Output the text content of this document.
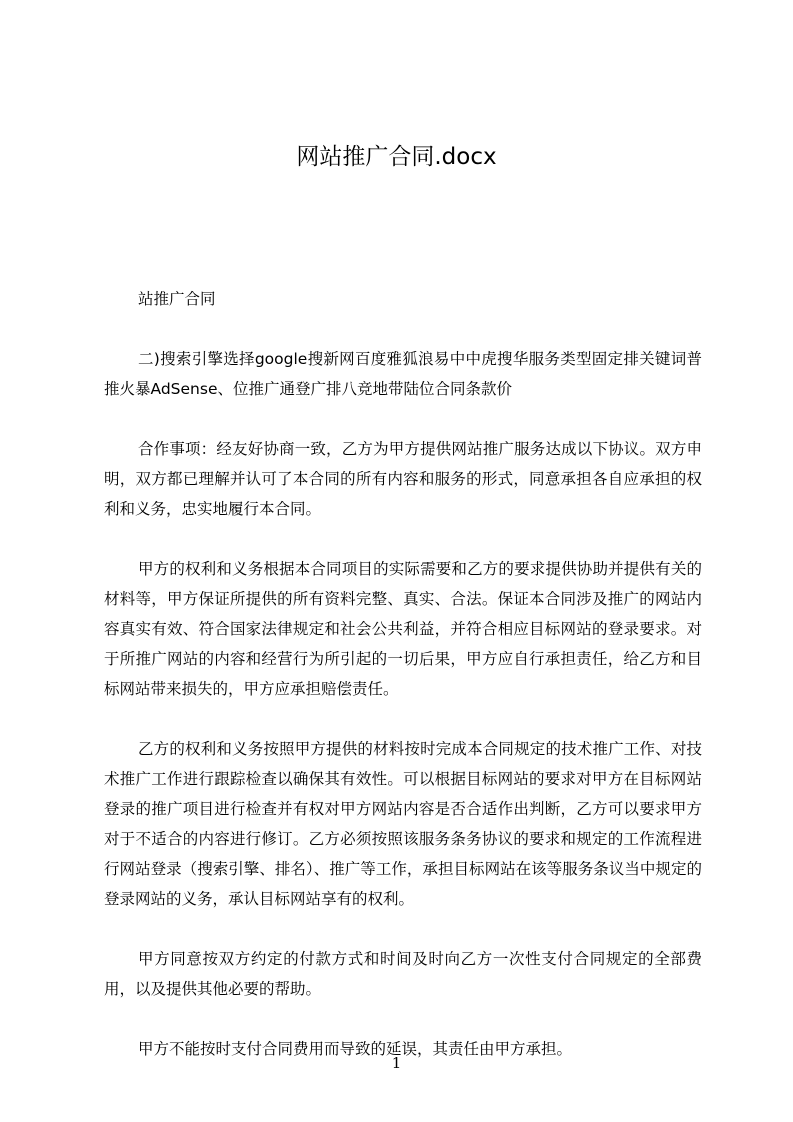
网站推广合同.docx

站推广合同

二)搜索引擎选择google搜新网百度雅狐浪易中中虎搜华服务类型固定排关键词普推火暴AdSense、位推广通登广排八竞地带陆位合同条款价

合作事项：经友好协商一致，乙方为甲方提供网站推广服务达成以下协议。双方申明，双方都已理解并认可了本合同的所有内容和服务的形式，同意承担各自应承担的权利和义务，忠实地履行本合同。

甲方的权利和义务根据本合同项目的实际需要和乙方的要求提供协助并提供有关的材料等，甲方保证所提供的所有资料完整、真实、合法。保证本合同涉及推广的网站内容真实有效、符合国家法律规定和社会公共利益，并符合相应目标网站的登录要求。对于所推广网站的内容和经营行为所引起的一切后果，甲方应自行承担责任，给乙方和目标网站带来损失的，甲方应承担赔偿责任。

乙方的权利和义务按照甲方提供的材料按时完成本合同规定的技术推广工作、对技术推广工作进行跟踪检查以确保其有效性。可以根据目标网站的要求对甲方在目标网站登录的推广项目进行检查并有权对甲方网站内容是否合适作出判断，乙方可以要求甲方对于不适合的内容进行修订。乙方必须按照该服务条务协议的要求和规定的工作流程进行网站登录（搜索引擎、排名）、推广等工作，承担目标网站在该等服务条议当中规定的登录网站的义务，承认目标网站享有的权利。

甲方同意按双方约定的付款方式和时间及时向乙方一次性支付合同规定的全部费用，以及提供其他必要的帮助。

甲方不能按时支付合同费用而导致的延误，其责任由甲方承担。

1
